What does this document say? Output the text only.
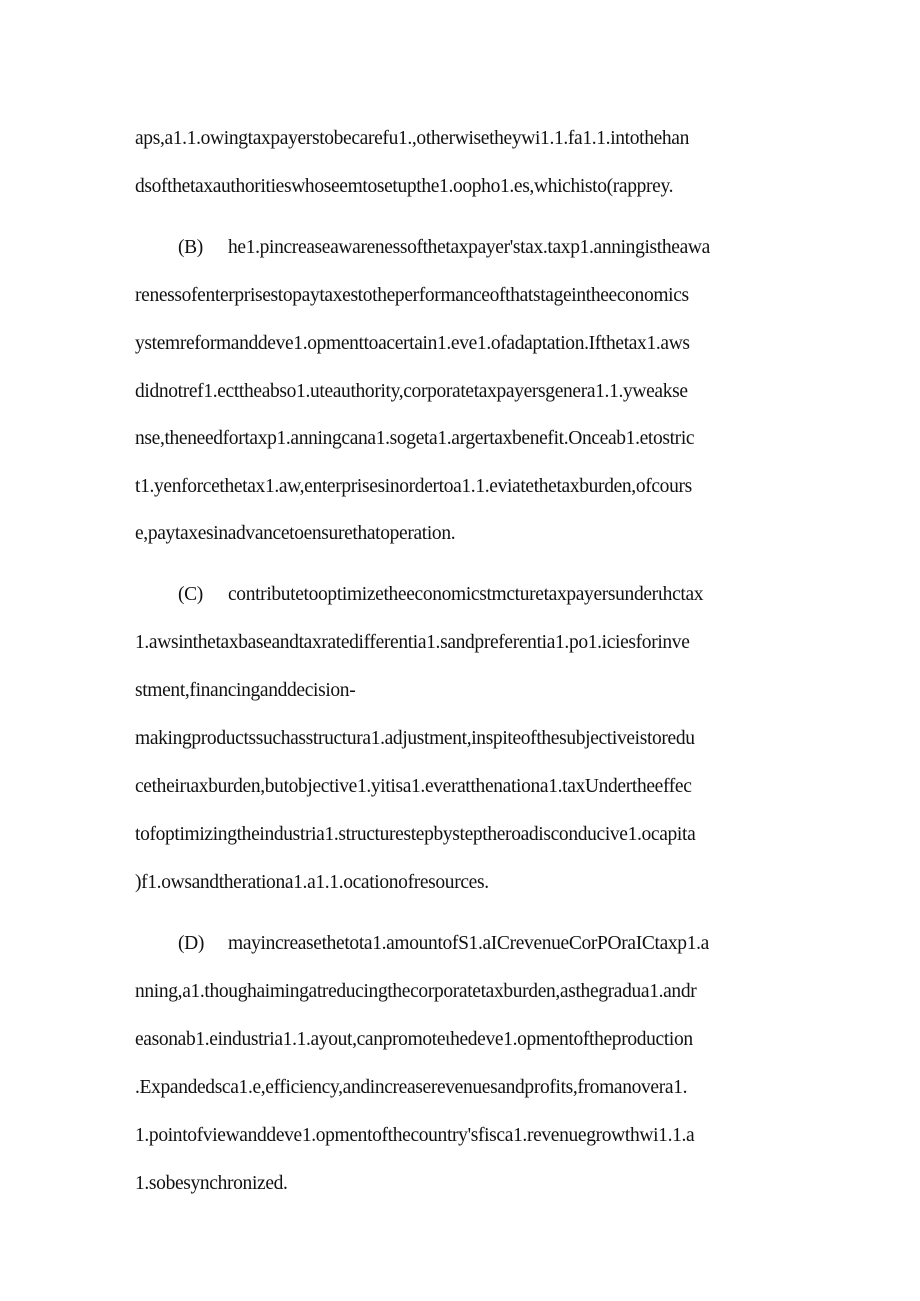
aps,a1.1.owingtaxpayerstobecarefu1.,otherwisetheywi1.1.fa1.1.intothehan
dsofthetaxauthoritieswhoseemtosetupthe1.oopho1.es,whichisto(rapprey.
(B) he1.pincreaseawarenessofthetaxpayer'stax.taxp1.anningistheawa
renessofenterprisestopaytaxestotheperformanceofthatstageintheeconomics
ystemreformanddeve1.opmenttoacertain1.eve1.ofadaptation.Ifthetax1.aws
didnotref1.ecttheabso1.uteauthority,corporatetaxpayersgenera1.1.yweakse
nse,theneedfortaxp1.anningcana1.sogeta1.argertaxbenefit.Onceab1.etostric
t1.yenforcethetax1.aw,enterprisesinordertoa1.1.eviatethetaxburden,ofcours
e,paytaxesinadvancetoensurethatoperation.
(C) contributetooptimizetheeconomicstmcturetaxpayersunderιhctax
1.awsinthetaxbaseandtaxratedifferentia1.sandpreferentia1.po1.iciesforinve
stment,financinganddecision-
makingproductssuchasstructura1.adjustment,inspiteofthesubjectiveistoredu
cetheirιaxburden,butobjective1.yitisa1.everatthenationa1.taxUndertheeffec
tofoptimizingtheindustria1.structurestepbysteptheroadisconducive1.ocapita
)f1.owsandtherationa1.a1.1.ocationofresources.
(D) mayincreasethetota1.amountofS1.aICrevenueCorPOraICtaxp1.a
nning,a1.thoughaimingatreducingthecorporatetaxburden,asthegradua1.andr
easonab1.eindustria1.1.ayout,canpromoteιhedeve1.opmentoftheproduction
.Expandedsca1.e,efficiency,andincreaserevenuesandprofits,fromanovera1.
1.pointofviewanddeve1.opmentofthecountry'sfisca1.revenuegrowthwi1.1.a
1.sobesynchronized.
